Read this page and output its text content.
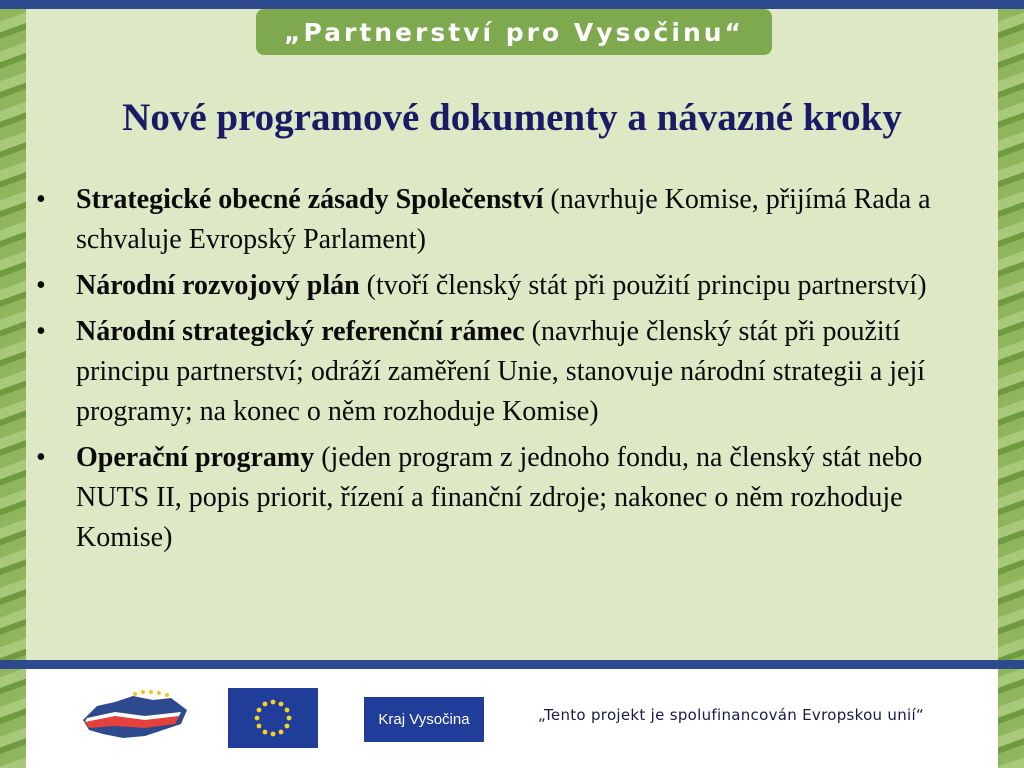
„Partnerství pro Vysočinu“
Nové programové dokumenty a návazné kroky
• Strategické obecné zásady Společenství (navrhuje Komise, přijímá Rada a schvaluje Evropský Parlament)
• Národní rozvojový plán (tvoří členský stát při použití principu partnerství)
• Národní strategický referenční rámec (navrhuje členský stát při použití principu partnerství; odráží zaměření Unie, stanovuje národní strategii a její programy; na konec o něm rozhoduje Komise)
• Operační programy (jeden program z jednoho fondu, na členský stát nebo NUTS II, popis priorit, řízení a finanční zdroje; nakonec o něm rozhoduje Komise)
Kraj Vysočina	„Tento projekt je spolufinancován Evropskou unií“
